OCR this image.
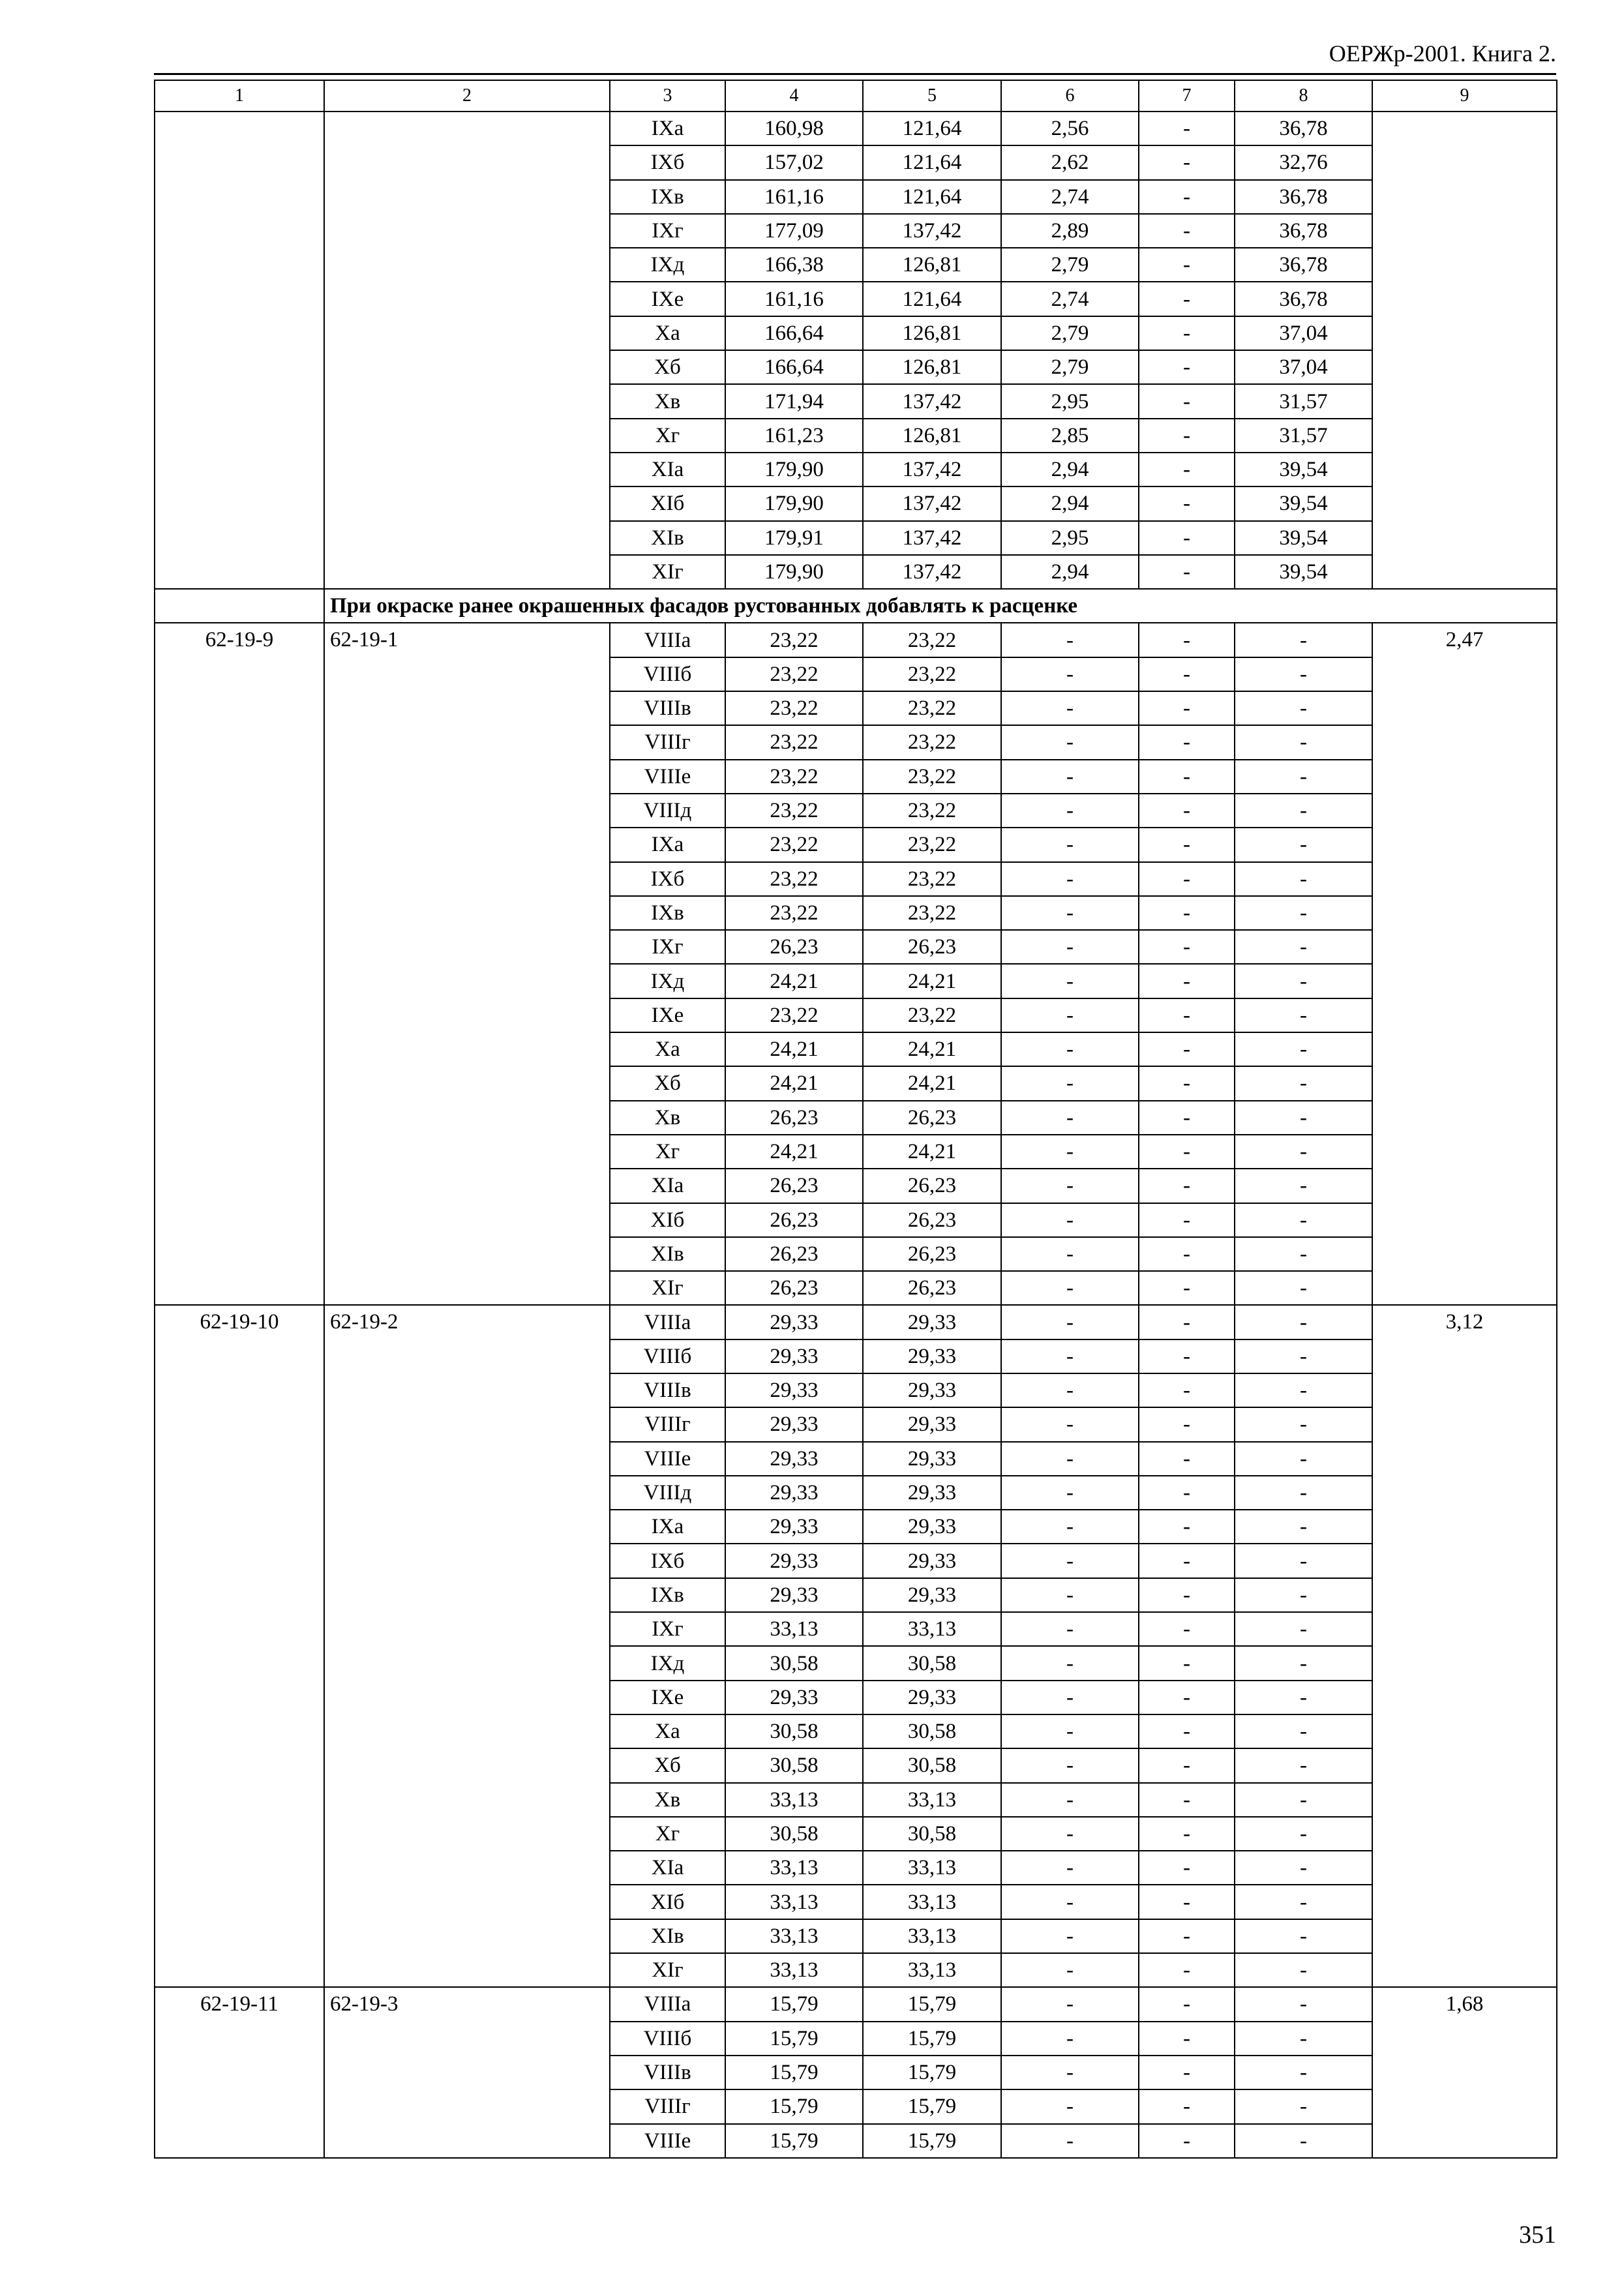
ОЕРЖр-2001. Книга 2.
1	2	3	4	5	6	7	8	9
		IXa	160,98	121,64	2,56	-	36,78	
		IXб	157,02	121,64	2,62	-	32,76	
		IXв	161,16	121,64	2,74	-	36,78	
		IXг	177,09	137,42	2,89	-	36,78	
		IXд	166,38	126,81	2,79	-	36,78	
		IXе	161,16	121,64	2,74	-	36,78	
		Xa	166,64	126,81	2,79	-	37,04	
		Xб	166,64	126,81	2,79	-	37,04	
		Xв	171,94	137,42	2,95	-	31,57	
		Xг	161,23	126,81	2,85	-	31,57	
		XIa	179,90	137,42	2,94	-	39,54	
		XIб	179,90	137,42	2,94	-	39,54	
		XIв	179,91	137,42	2,95	-	39,54	
		XIг	179,90	137,42	2,94	-	39,54	
	При окраске ранее окрашенных фасадов рустованных добавлять к расценке							
62-19-9	62-19-1	VIIIa	23,22	23,22	-	-	-	2,47
		VIIIб	23,22	23,22	-	-	-	
		VIIIв	23,22	23,22	-	-	-	
		VIIIг	23,22	23,22	-	-	-	
		VIIIе	23,22	23,22	-	-	-	
		VIIIд	23,22	23,22	-	-	-	
		IXa	23,22	23,22	-	-	-	
		IXб	23,22	23,22	-	-	-	
		IXв	23,22	23,22	-	-	-	
		IXг	26,23	26,23	-	-	-	
		IXд	24,21	24,21	-	-	-	
		IXе	23,22	23,22	-	-	-	
		Xa	24,21	24,21	-	-	-	
		Xб	24,21	24,21	-	-	-	
		Xв	26,23	26,23	-	-	-	
		Xг	24,21	24,21	-	-	-	
		XIa	26,23	26,23	-	-	-	
		XIб	26,23	26,23	-	-	-	
		XIв	26,23	26,23	-	-	-	
		XIг	26,23	26,23	-	-	-	
62-19-10	62-19-2	VIIIa	29,33	29,33	-	-	-	3,12
		VIIIб	29,33	29,33	-	-	-	
		VIIIв	29,33	29,33	-	-	-	
		VIIIг	29,33	29,33	-	-	-	
		VIIIе	29,33	29,33	-	-	-	
		VIIIд	29,33	29,33	-	-	-	
		IXa	29,33	29,33	-	-	-	
		IXб	29,33	29,33	-	-	-	
		IXв	29,33	29,33	-	-	-	
		IXг	33,13	33,13	-	-	-	
		IXд	30,58	30,58	-	-	-	
		IXе	29,33	29,33	-	-	-	
		Xa	30,58	30,58	-	-	-	
		Xб	30,58	30,58	-	-	-	
		Xв	33,13	33,13	-	-	-	
		Xг	30,58	30,58	-	-	-	
		XIa	33,13	33,13	-	-	-	
		XIб	33,13	33,13	-	-	-	
		XIв	33,13	33,13	-	-	-	
		XIг	33,13	33,13	-	-	-	
62-19-11	62-19-3	VIIIa	15,79	15,79	-	-	-	1,68
		VIIIб	15,79	15,79	-	-	-	
		VIIIв	15,79	15,79	-	-	-	
		VIIIг	15,79	15,79	-	-	-	
		VIIIе	15,79	15,79	-	-	-	
351
